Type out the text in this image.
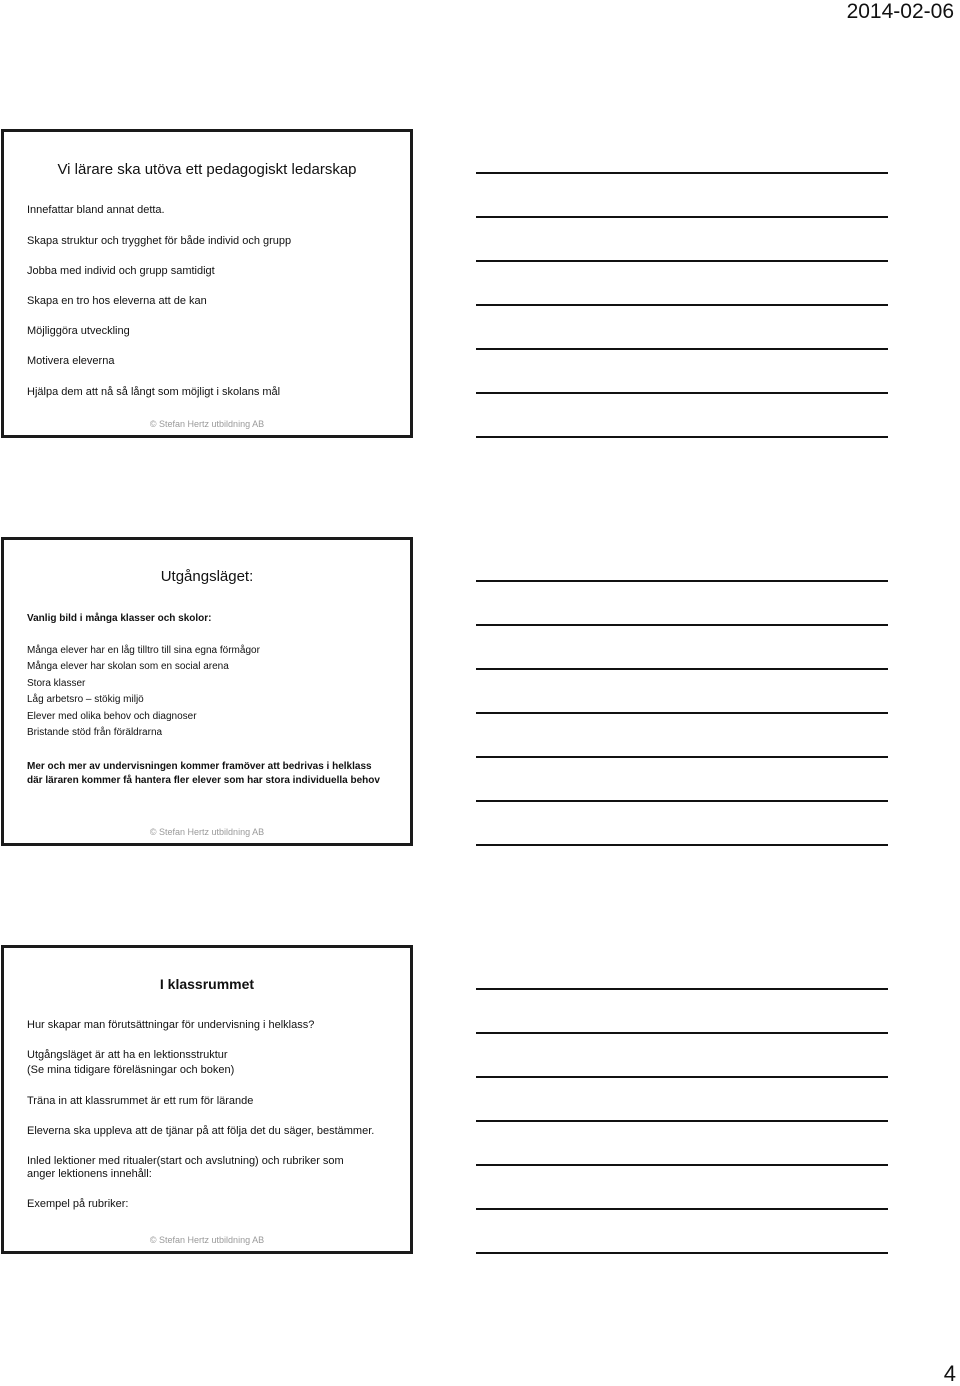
2014-02-06
Vi lärare ska utöva ett pedagogiskt ledarskap
Innefattar bland annat detta.
Skapa struktur och trygghet för både individ och grupp
Jobba med individ och grupp samtidigt
Skapa en tro hos eleverna att de kan
Möjliggöra utveckling
Motivera eleverna
Hjälpa dem att nå så långt som möjligt i skolans mål
© Stefan Hertz utbildning AB
Utgångsläget:
Vanlig bild i många klasser och skolor:
Många elever har en låg tilltro till sina egna förmågor
Många elever har skolan som en social arena
Stora klasser
Låg arbetsro – stökig miljö
Elever med olika behov och diagnoser
Bristande stöd från föräldrarna
Mer och mer av undervisningen kommer framöver att bedrivas i helklass
där läraren kommer få hantera fler elever som har stora individuella behov
© Stefan Hertz utbildning AB
I klassrummet
Hur skapar man förutsättningar för undervisning i helklass?
Utgångsläget är att ha en lektionsstruktur
(Se mina tidigare föreläsningar och boken)
Träna in att klassrummet är ett rum för lärande
Eleverna ska uppleva att de tjänar på att följa det du säger, bestämmer.
Inled lektioner med ritualer(start och avslutning) och rubriker som
anger lektionens innehåll:
Exempel på rubriker:
© Stefan Hertz utbildning AB
4
